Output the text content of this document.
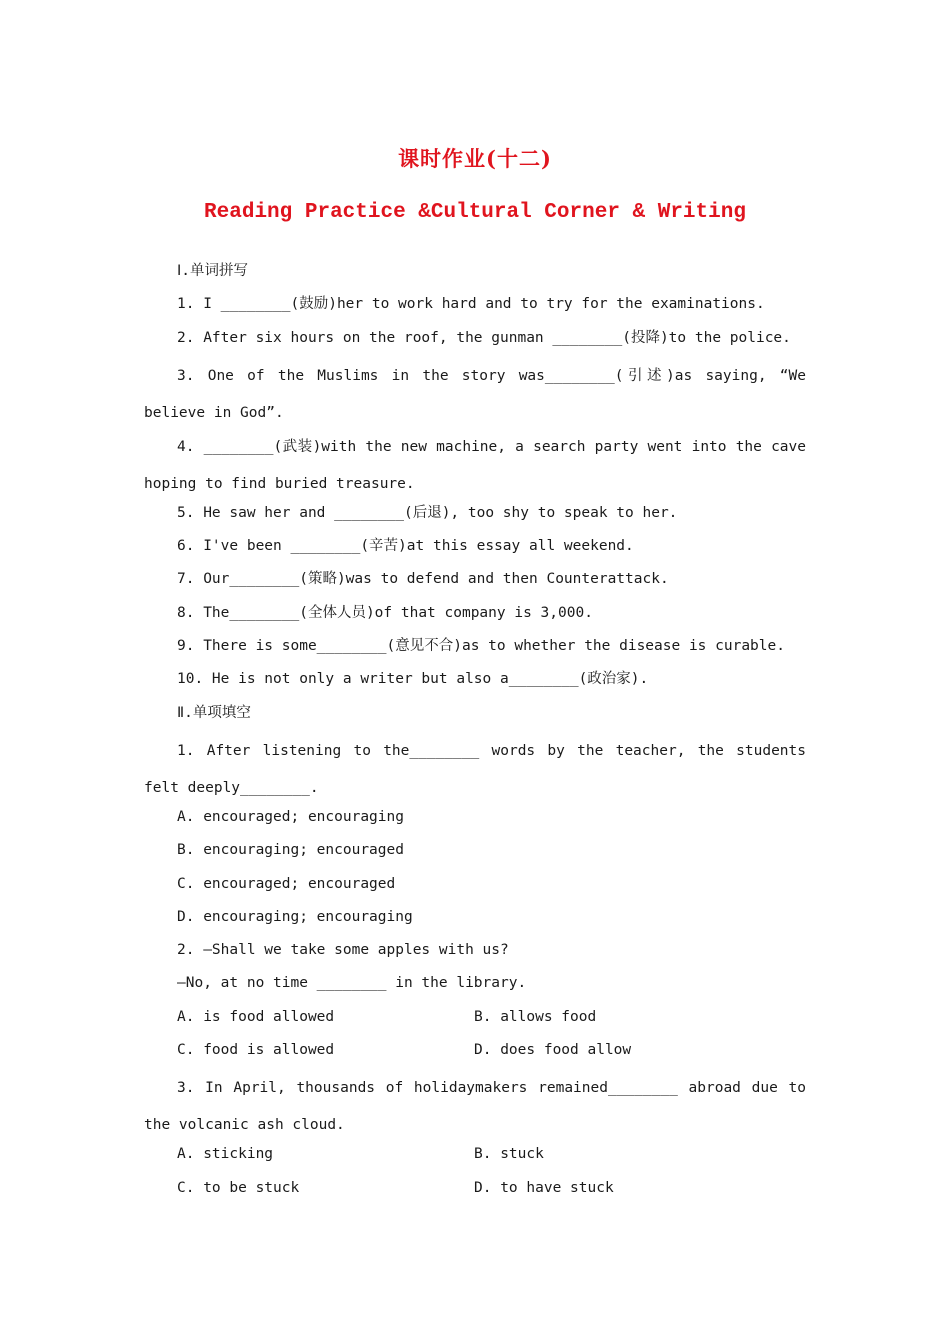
课时作业(十二)
Reading Practice &Cultural Corner & Writing
Ⅰ.单词拼写
1. I ________(鼓励)her to work hard and to try for the examinations.
2. After six hours on the roof, the gunman ________(投降)to the police.
3. One of the Muslims in the story was________(引述)as saying, “We believe in God”.
4. ________(武装)with the new machine, a search party went into the cave hoping to find buried treasure.
5. He saw her and ________(后退), too shy to speak to her.
6. I've been ________(辛苦)at this essay all weekend.
7. Our________(策略)was to defend and then Counterattack.
8. The________(全体人员)of that company is 3,000.
9. There is some________(意见不合)as to whether the disease is curable.
10. He is not only a writer but also a________(政治家).
Ⅱ.单项填空
1. After listening to the________ words by the teacher, the students felt deeply________.
A. encouraged; encouraging
B. encouraging; encouraged
C. encouraged; encouraged
D. encouraging; encouraging
2. —Shall we take some apples with us?
—No, at no time ________ in the library.
A. is food allowed	B. allows food
C. food is allowed	D. does food allow
3. In April, thousands of holidaymakers remained________ abroad due to the volcanic ash cloud.
A. sticking	B. stuck
C. to be stuck	D. to have stuck
